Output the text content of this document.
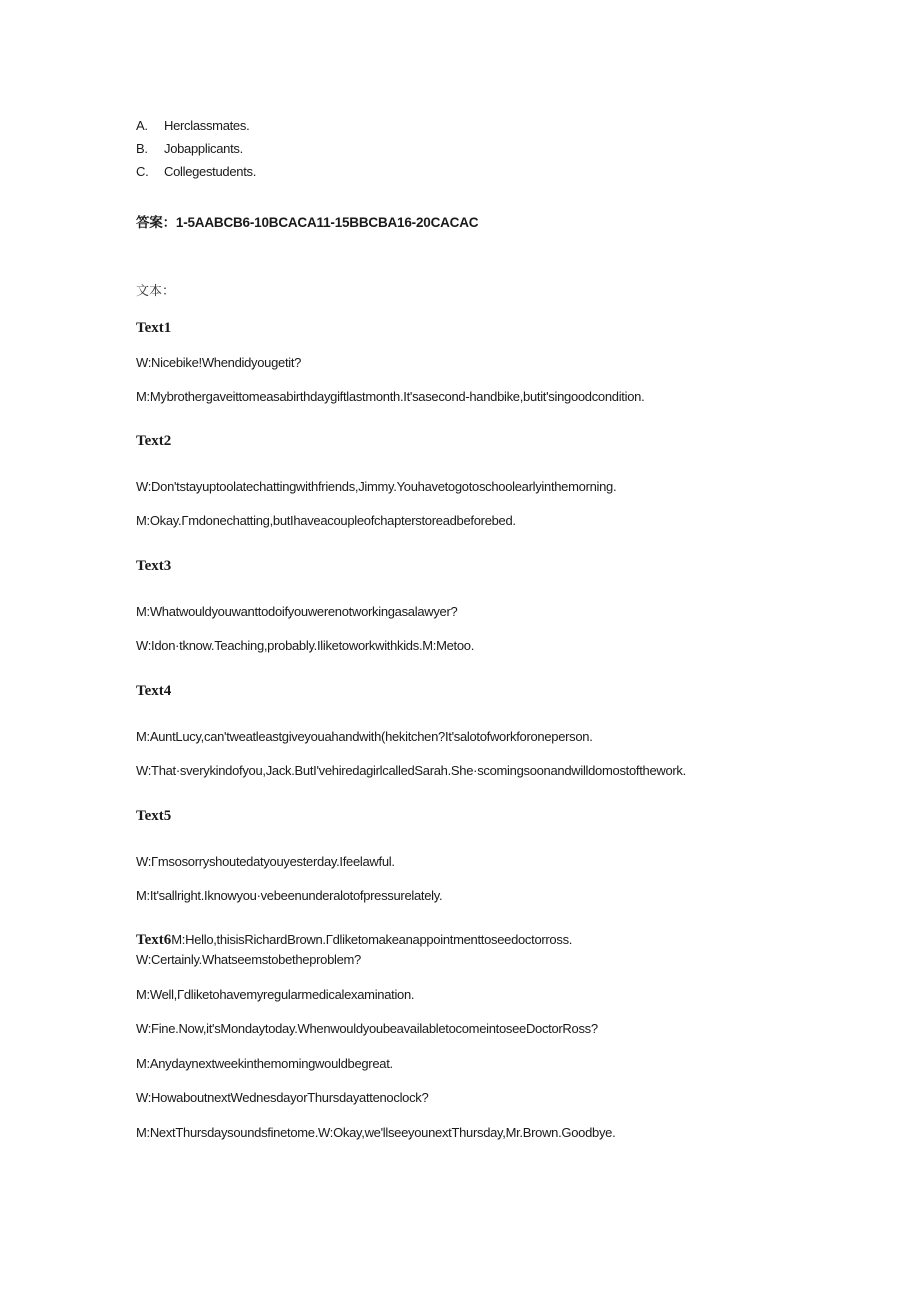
A. Herclassmates.
B. Jobapplicants.
C. Collegestudents.
答案：1-5AABCB6-10BCACA11-15BBCBA16-20CACAC
文本：
Text1
W:Nicebike!Whendidyougetit?
M:Mybrothergaveittomeasabirthdaygiftlastmonth.It'sasecond-handbike,butit'singoodcondition.
Text2
W:Don'tstayuptoolatechattingwithfriends,Jimmy.Youhavetogotoschoolearlyinthemorning.
M:Okay.Γmdonechatting,butIhaveacoupleofchapterstoreadbeforebed.
Text3
M:Whatwouldyouwanttodoifyouwerenotworkingasalawyer?
W:Idon·tknow.Teaching,probably.Iliketoworkwithkids.M:Metoo.
Text4
M:AuntLucy,can'tweatleastgiveyouahandwith(hekitchen?It'salotofworkforoneperson.
W:That·sverykindofyou,Jack.ButI'vehiredagirlcalledSarah.She·scomingsoonandwilldomostofthework.
Text5
W:Γmsosorryshoutedatyouyesterday.Ifeelawful.
M:It'sallright.Iknowyou·vebeenunderalotofpressurelately.
Text6M:Hello,thisisRichardBrown.Γdliketomakeanappointmenttoseedoctorross.
W:Certainly.Whatseemstobetheproblem?
M:Well,Γdliketohavemyregularmedicalexamination.
W:Fine.Now,it'sMondaytoday.WhenwouldyoubeavailabletocomeintoseeDoctorRoss?
M:Anydaynextweekinthemomingwouldbegreat.
W:HowaboutnextWednesdayorThursdayattenoclock?
M:NextThursdaysoundsfinetome.W:Okay,we'llseeyounextThursday,Mr.Brown.Goodbye.
